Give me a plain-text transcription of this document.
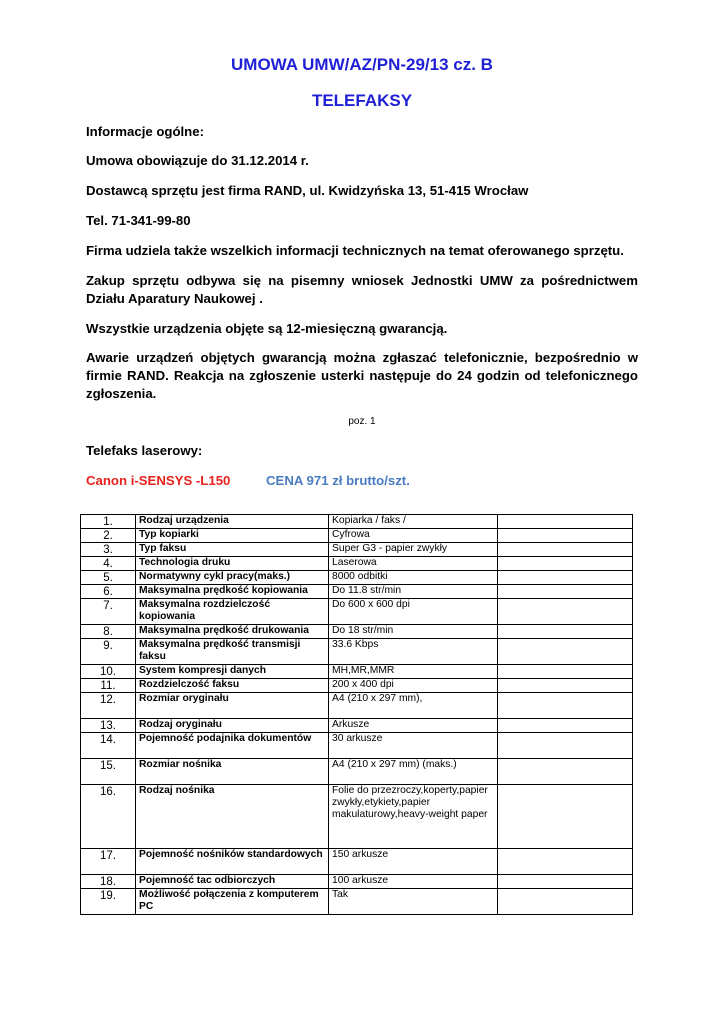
UMOWA UMW/AZ/PN-29/13 cz. B
TELEFAKSY
Informacje ogólne:
Umowa obowiązuje do 31.12.2014 r.
Dostawcą sprzętu jest firma RAND, ul. Kwidzyńska 13, 51-415 Wrocław
Tel. 71-341-99-80
Firma udziela także wszelkich informacji technicznych na temat oferowanego sprzętu.
Zakup sprzętu odbywa się na pisemny wniosek Jednostki UMW za pośrednictwem Działu Aparatury Naukowej .
Wszystkie urządzenia objęte są 12-miesięczną gwarancją.
Awarie urządzeń objętych gwarancją można zgłaszać telefonicznie, bezpośrednio w firmie RAND. Reakcja na zgłoszenie usterki następuje do 24 godzin od telefonicznego zgłoszenia.
poz. 1
Telefaks laserowy:
Canon i-SENSYS -L150	CENA 971 zł brutto/szt.
1.	Rodzaj urządzenia	Kopiarka / faks /	
2.	Typ kopiarki	Cyfrowa	
3.	Typ faksu	Super G3 - papier zwykły	
4.	Technologia druku	Laserowa	
5.	Normatywny cykl pracy(maks.)	8000 odbitki	
6.	Maksymalna prędkość kopiowania	Do 11.8 str/min	
7.	Maksymalna rozdzielczość kopiowania	Do 600 x 600 dpi	
8.	Maksymalna prędkość drukowania	Do 18 str/min	
9.	Maksymalna prędkość transmisji faksu	33.6 Kbps	
10.	System kompresji danych	MH,MR,MMR	
11.	Rozdzielczość faksu	200 x 400 dpi	
12.	Rozmiar oryginału	A4 (210 x 297 mm),	
13.	Rodzaj oryginału	Arkusze	
14.	Pojemność podajnika dokumentów	30 arkusze	
15.	Rozmiar nośnika	A4 (210 x 297 mm) (maks.)	
16.	Rodzaj nośnika	Folie do przezroczy,koperty,papier zwykły,etykiety,papier makulaturowy,heavy-weight paper	
17.	Pojemność nośników standardowych	150 arkusze	
18.	Pojemność tac odbiorczych	100 arkusze	
19.	Możliwość połączenia z komputerem PC	Tak	
